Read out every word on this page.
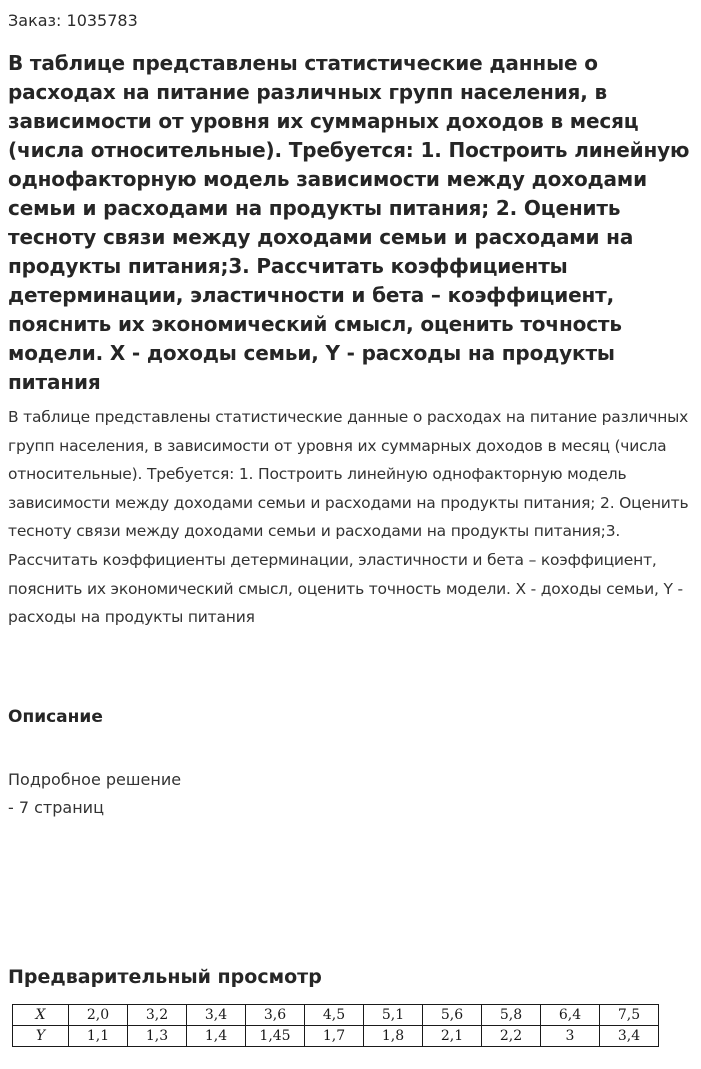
Заказ: 1035783
В таблице представлены статистические данные о расходах на питание различных групп населения, в зависимости от уровня их суммарных доходов в месяц (числа относительные). Требуется: 1. Построить линейную однофакторную модель зависимости между доходами семьи и расходами на продукты питания; 2. Оценить тесноту связи между доходами семьи и расходами на продукты питания;3. Рассчитать коэффициенты детерминации, эластичности и бета – коэффициент, пояснить их экономический смысл, оценить точность модели. X - доходы семьи, Y - расходы на продукты питания

В таблице представлены статистические данные о расходах на питание различных групп населения, в зависимости от уровня их суммарных доходов в месяц (числа относительные). Требуется: 1. Построить линейную однофакторную модель зависимости между доходами семьи и расходами на продукты питания; 2. Оценить тесноту связи между доходами семьи и расходами на продукты питания;3. Рассчитать коэффициенты детерминации, эластичности и бета – коэффициент, пояснить их экономический смысл, оценить точность модели. X - доходы семьи, Y - расходы на продукты питания

Описание
Подробное решение
- 7 страниц
Предварительный просмотр
X	2,0	3,2	3,4	3,6	4,5	5,1	5,6	5,8	6,4	7,5
Y	1,1	1,3	1,4	1,45	1,7	1,8	2,1	2,2	3	3,4
